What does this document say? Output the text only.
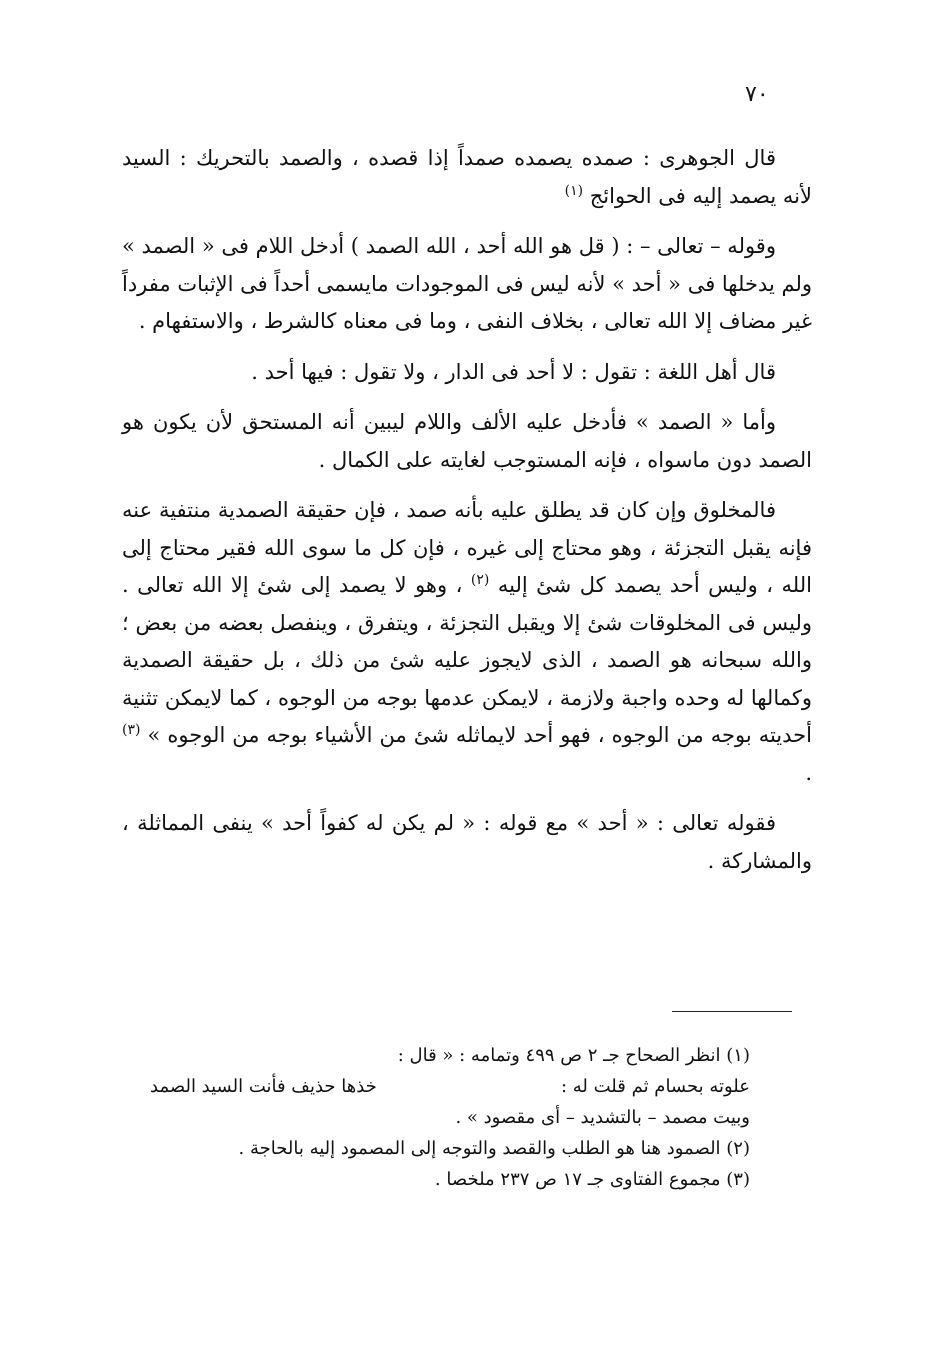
٧٠

قال الجوهرى : صمده يصمده صمداً إذا قصده ، والصمد بالتحريك : السيد لأنه يصمد إليه فى الحوائج $^{(١)}$

وقوله – تعالى – : ( قل هو الله أحد ، الله الصمد ) أدخل اللام فى « الصمد » ولم يدخلها فى « أحد » لأنه ليس فى الموجودات مايسمى أحداً فى الإثبات مفرداً غير مضاف إلا الله تعالى ، بخلاف النفى ، وما فى معناه كالشرط ، والاستفهام .

قال أهل اللغة : تقول : لا أحد فى الدار ، ولا تقول : فيها أحد .

وأما « الصمد » فأدخل عليه الألف واللام ليبين أنه المستحق لأن يكون هو الصمد دون ماسواه ، فإنه المستوجب لغايته على الكمال .

فالمخلوق وإن كان قد يطلق عليه بأنه صمد ، فإن حقيقة الصمدية منتفية عنه فإنه يقبل التجزئة ، وهو محتاج إلى غيره ، فإن كل ما سوى الله فقير محتاج إلى الله ، وليس أحد يصمد كل شئ إليه $^{(٢)}$ ، وهو لا يصمد إلى شئ إلا الله تعالى . وليس فى المخلوقات شئ إلا ويقبل التجزئة ، ويتفرق ، وينفصل بعضه من بعض ؛ والله سبحانه هو الصمد ، الذى لايجوز عليه شئ من ذلك ، بل حقيقة الصمدية وكمالها له وحده واجبة ولازمة ، لايمكن عدمها بوجه من الوجوه ، كما لايمكن تثنية أحديته بوجه من الوجوه ، فهو أحد لايماثله شئ من الأشياء بوجه من الوجوه » $^{(٣)}$ .

فقوله تعالى : « أحد » مع قوله : « لم يكن له كفواً أحد » ينفى المماثلة ، والمشاركة .

(١) انظر الصحاح جـ ٢ ص ٤٩٩ وتمامه : « قال :

علوته بحسام ثم قلت له :
خذها حذيف فأنت السيد الصمد

وبيت مصمد – بالتشديد – أى مقصود » .

(٢) الصمود هنا هو الطلب والقصد والتوجه إلى المصمود إليه بالحاجة .

(٣) مجموع الفتاوى جـ ١٧ ص ٢٣٧ ملخصا .
